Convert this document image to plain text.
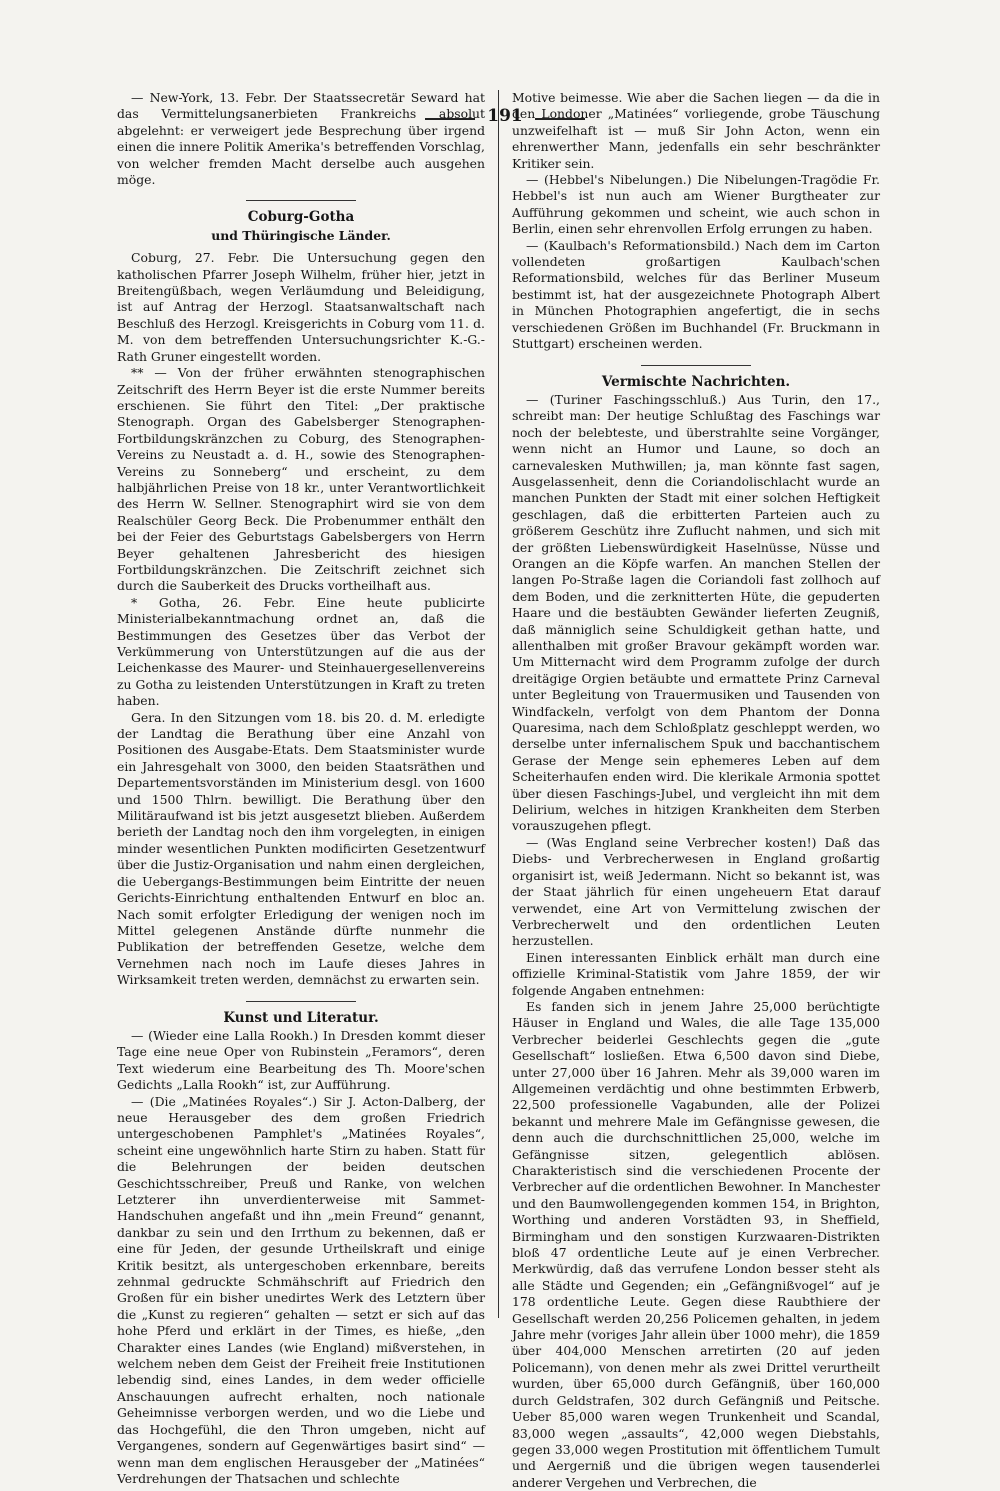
191

— New-York, 13. Febr. Der Staatssecretär Seward hat das Vermittelungsanerbieten Frankreichs absolut abgelehnt: er verweigert jede Besprechung über irgend einen die innere Politik Amerika's betreffenden Vorschlag, von welcher fremden Macht derselbe auch ausgehen möge.

Coburg-Gotha

und Thüringische Länder.

Coburg, 27. Febr. Die Untersuchung gegen den katholischen Pfarrer Joseph Wilhelm, früher hier, jetzt in Breitengüßbach, wegen Verläumdung und Beleidigung, ist auf Antrag der Herzogl. Staatsanwaltschaft nach Beschluß des Herzogl. Kreisgerichts in Coburg vom 11. d. M. von dem betreffenden Untersuchungsrichter K.-G.-Rath Gruner eingestellt worden.

** — Von der früher erwähnten stenographischen Zeitschrift des Herrn Beyer ist die erste Nummer bereits erschienen. Sie führt den Titel: „Der praktische Stenograph. Organ des Gabelsberger Stenographen-Fortbildungskränzchen zu Coburg, des Stenographen-Vereins zu Neustadt a. d. H., sowie des Stenographen-Vereins zu Sonneberg“ und erscheint, zu dem halbjährlichen Preise von 18 kr., unter Verantwortlichkeit des Herrn W. Sellner. Stenographirt wird sie von dem Realschüler Georg Beck. Die Probenummer enthält den bei der Feier des Geburtstags Gabelsbergers von Herrn Beyer gehaltenen Jahresbericht des hiesigen Fortbildungskränzchen. Die Zeitschrift zeichnet sich durch die Sauberkeit des Drucks vortheilhaft aus.

* Gotha, 26. Febr. Eine heute publicirte Ministerialbekanntmachung ordnet an, daß die Bestimmungen des Gesetzes über das Verbot der Verkümmerung von Unterstützungen auf die aus der Leichenkasse des Maurer- und Steinhauergesellenvereins zu Gotha zu leistenden Unterstützungen in Kraft zu treten haben.

Gera. In den Sitzungen vom 18. bis 20. d. M. erledigte der Landtag die Berathung über eine Anzahl von Positionen des Ausgabe-Etats. Dem Staatsminister wurde ein Jahresgehalt von 3000, den beiden Staatsräthen und Departementsvorständen im Ministerium desgl. von 1600 und 1500 Thlrn. bewilligt. Die Berathung über den Militäraufwand ist bis jetzt ausgesetzt blieben. Außerdem berieth der Landtag noch den ihm vorgelegten, in einigen minder wesentlichen Punkten modificirten Gesetzentwurf über die Justiz-Organisation und nahm einen dergleichen, die Uebergangs-Bestimmungen beim Eintritte der neuen Gerichts-Einrichtung enthaltenden Entwurf en bloc an. Nach somit erfolgter Erledigung der wenigen noch im Mittel gelegenen Anstände dürfte nunmehr die Publikation der betreffenden Gesetze, welche dem Vernehmen nach noch im Laufe dieses Jahres in Wirksamkeit treten werden, demnächst zu erwarten sein.

Kunst und Literatur.

— (Wieder eine Lalla Rookh.) In Dresden kommt dieser Tage eine neue Oper von Rubinstein „Feramors“, deren Text wiederum eine Bearbeitung des Th. Moore'schen Gedichts „Lalla Rookh“ ist, zur Aufführung.

— (Die „Matinées Royales“.) Sir J. Acton-Dalberg, der neue Herausgeber des dem großen Friedrich untergeschobenen Pamphlet's „Matinées Royales“, scheint eine ungewöhnlich harte Stirn zu haben. Statt für die Belehrungen der beiden deutschen Geschichtsschreiber, Preuß und Ranke, von welchen Letzterer ihn unverdienterweise mit Sammet-Handschuhen angefaßt und ihn „mein Freund“ genannt, dankbar zu sein und den Irrthum zu bekennen, daß er eine für Jeden, der gesunde Urtheilskraft und einige Kritik besitzt, als untergeschoben erkennbare, bereits zehnmal gedruckte Schmähschrift auf Friedrich den Großen für ein bisher unedirtes Werk des Letztern über die „Kunst zu regieren“ gehalten — setzt er sich auf das hohe Pferd und erklärt in der Times, es hieße, „den Charakter eines Landes (wie England) mißverstehen, in welchem neben dem Geist der Freiheit freie Institutionen lebendig sind, eines Landes, in dem weder officielle Anschauungen aufrecht erhalten, noch nationale Geheimnisse verborgen werden, und wo die Liebe und das Hochgefühl, die den Thron umgeben, nicht auf Vergangenes, sondern auf Gegenwärtiges basirt sind“ — wenn man dem englischen Herausgeber der „Matinées“ Verdrehungen der Thatsachen und schlechte

Motive beimesse. Wie aber die Sachen liegen — da die in den Londoner „Matinées“ vorliegende, grobe Täuschung unzweifelhaft ist — muß Sir John Acton, wenn ein ehrenwerther Mann, jedenfalls ein sehr beschränkter Kritiker sein.

— (Hebbel's Nibelungen.) Die Nibelungen-Tragödie Fr. Hebbel's ist nun auch am Wiener Burgtheater zur Aufführung gekommen und scheint, wie auch schon in Berlin, einen sehr ehrenvollen Erfolg errungen zu haben.

— (Kaulbach's Reformationsbild.) Nach dem im Carton vollendeten großartigen Kaulbach'schen Reformationsbild, welches für das Berliner Museum bestimmt ist, hat der ausgezeichnete Photograph Albert in München Photographien angefertigt, die in sechs verschiedenen Größen im Buchhandel (Fr. Bruckmann in Stuttgart) erscheinen werden.

Vermischte Nachrichten.

— (Turiner Faschingsschluß.) Aus Turin, den 17., schreibt man: Der heutige Schlußtag des Faschings war noch der belebteste, und überstrahlte seine Vorgänger, wenn nicht an Humor und Laune, so doch an carnevalesken Muthwillen; ja, man könnte fast sagen, Ausgelassenheit, denn die Coriandolischlacht wurde an manchen Punkten der Stadt mit einer solchen Heftigkeit geschlagen, daß die erbitterten Parteien auch zu größerem Geschütz ihre Zuflucht nahmen, und sich mit der größten Liebenswürdigkeit Haselnüsse, Nüsse und Orangen an die Köpfe warfen. An manchen Stellen der langen Po-Straße lagen die Coriandoli fast zollhoch auf dem Boden, und die zerknitterten Hüte, die gepuderten Haare und die bestäubten Gewänder lieferten Zeugniß, daß männiglich seine Schuldigkeit gethan hatte, und allenthalben mit großer Bravour gekämpft worden war. Um Mitternacht wird dem Programm zufolge der durch dreitägige Orgien betäubte und ermattete Prinz Carneval unter Begleitung von Trauermusiken und Tausenden von Windfackeln, verfolgt von dem Phantom der Donna Quaresima, nach dem Schloßplatz geschleppt werden, wo derselbe unter infernalischem Spuk und bacchantischem Gerase der Menge sein ephemeres Leben auf dem Scheiterhaufen enden wird. Die klerikale Armonia spottet über diesen Faschings-Jubel, und vergleicht ihn mit dem Delirium, welches in hitzigen Krankheiten dem Sterben vorauszugehen pflegt.

— (Was England seine Verbrecher kosten!) Daß das Diebs- und Verbrecherwesen in England großartig organisirt ist, weiß Jedermann. Nicht so bekannt ist, was der Staat jährlich für einen ungeheuern Etat darauf verwendet, eine Art von Vermittelung zwischen der Verbrecherwelt und den ordentlichen Leuten herzustellen.

Einen interessanten Einblick erhält man durch eine offizielle Kriminal-Statistik vom Jahre 1859, der wir folgende Angaben entnehmen:

Es fanden sich in jenem Jahre 25,000 berüchtigte Häuser in England und Wales, die alle Tage 135,000 Verbrecher beiderlei Geschlechts gegen die „gute Gesellschaft“ losließen. Etwa 6,500 davon sind Diebe, unter 27,000 über 16 Jahren. Mehr als 39,000 waren im Allgemeinen verdächtig und ohne bestimmten Erbwerb, 22,500 professionelle Vagabunden, alle der Polizei bekannt und mehrere Male im Gefängnisse gewesen, die denn auch die durchschnittlichen 25,000, welche im Gefängnisse sitzen, gelegentlich ablösen. Charakteristisch sind die verschiedenen Procente der Verbrecher auf die ordentlichen Bewohner. In Manchester und den Baumwollengegenden kommen 154, in Brighton, Worthing und anderen Vorstädten 93, in Sheffield, Birmingham und den sonstigen Kurzwaaren-Distrikten bloß 47 ordentliche Leute auf je einen Verbrecher. Merkwürdig, daß das verrufene London besser steht als alle Städte und Gegenden; ein „Gefängnißvogel“ auf je 178 ordentliche Leute. Gegen diese Raubthiere der Gesellschaft werden 20,256 Policemen gehalten, in jedem Jahre mehr (voriges Jahr allein über 1000 mehr), die 1859 über 404,000 Menschen arretirten (20 auf jeden Policemann), von denen mehr als zwei Drittel verurtheilt wurden, über 65,000 durch Gefängniß, über 160,000 durch Geldstrafen, 302 durch Gefängniß und Peitsche. Ueber 85,000 waren wegen Trunkenheit und Scandal, 83,000 wegen „assaults“, 42,000 wegen Diebstahls, gegen 33,000 wegen Prostitution mit öffentlichem Tumult und Aergerniß und die übrigen wegen tausenderlei anderer Vergehen und Verbrechen, die
